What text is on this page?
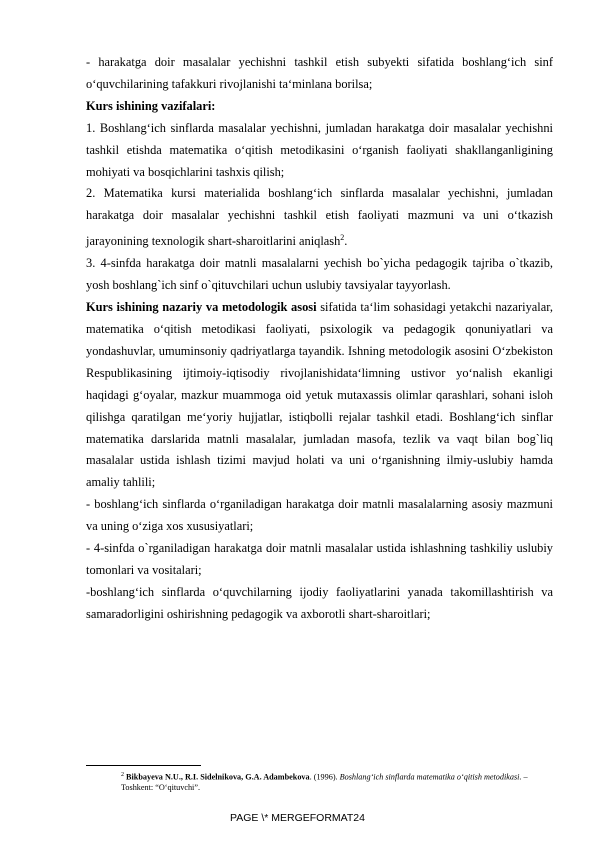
- harakatga doir masalalar yechishni tashkil etish subyekti sifatida boshlang‘ich sinf o‘quvchilarining tafakkuri rivojlanishi ta‘minlana borilsa;

Kurs ishining vazifalari:

1. Boshlang‘ich sinflarda masalalar yechishni, jumladan harakatga doir masalalar yechishni tashkil etishda matematika o‘qitish metodikasini o‘rganish faoliyati shakllanganligining mohiyati va bosqichlarini tashxis qilish;

2. Matematika kursi materialida boshlang‘ich sinflarda masalalar yechishni, jumladan harakatga doir masalalar yechishni tashkil etish faoliyati mazmuni va uni o‘tkazish jarayonining texnologik shart-sharoitlarini aniqlash$^2$.

3. 4-sinfda harakatga doir matnli masalalarni yechish bo`yicha pedagogik tajriba o`tkazib, yosh boshlang`ich sinf o`qituvchilari uchun uslubiy tavsiyalar tayyorlash.

Kurs ishining nazariy va metodologik asosi sifatida ta‘lim sohasidagi yetakchi nazariyalar, matematika o‘qitish metodikasi faoliyati, psixologik va pedagogik qonuniyatlari va yondashuvlar, umuminsoniy qadriyatlarga tayandik. Ishning metodologik asosini O‘zbekiston Respublikasining ijtimoiy-iqtisodiy rivojlanishidata‘limning ustivor yo‘nalish ekanligi haqidagi g‘oyalar, mazkur muammoga oid yetuk mutaxassis olimlar qarashlari, sohani isloh qilishga qaratilgan me‘yoriy hujjatlar, istiqbolli rejalar tashkil etadi. Boshlang‘ich sinflar matematika darslarida matnli masalalar, jumladan masofa, tezlik va vaqt bilan bog`liq masalalar ustida ishlash tizimi mavjud holati va uni o‘rganishning ilmiy-uslubiy hamda amaliy tahlili;

- boshlang‘ich sinflarda o‘rganiladigan harakatga doir matnli masalalarning asosiy mazmuni va uning o‘ziga xos xususiyatlari;

- 4-sinfda o`rganiladigan harakatga doir matnli masalalar ustida ishlashning tashkiliy uslubiy tomonlari va vositalari;

-boshlang‘ich sinflarda o‘quvchilarning ijodiy faoliyatlarini yanada takomillashtirish va samaradorligini oshirishning pedagogik va axborotli shart-sharoitlari;

$^2$ Bikbayeva N.U., R.I. Sidelnikova, G.A. Adambekova. (1996). Boshlang‘ich sinflarda matematika o‘qitish metodikasi. – Toshkent: “O‘qituvchi”.
PAGE \* MERGEFORMAT24
